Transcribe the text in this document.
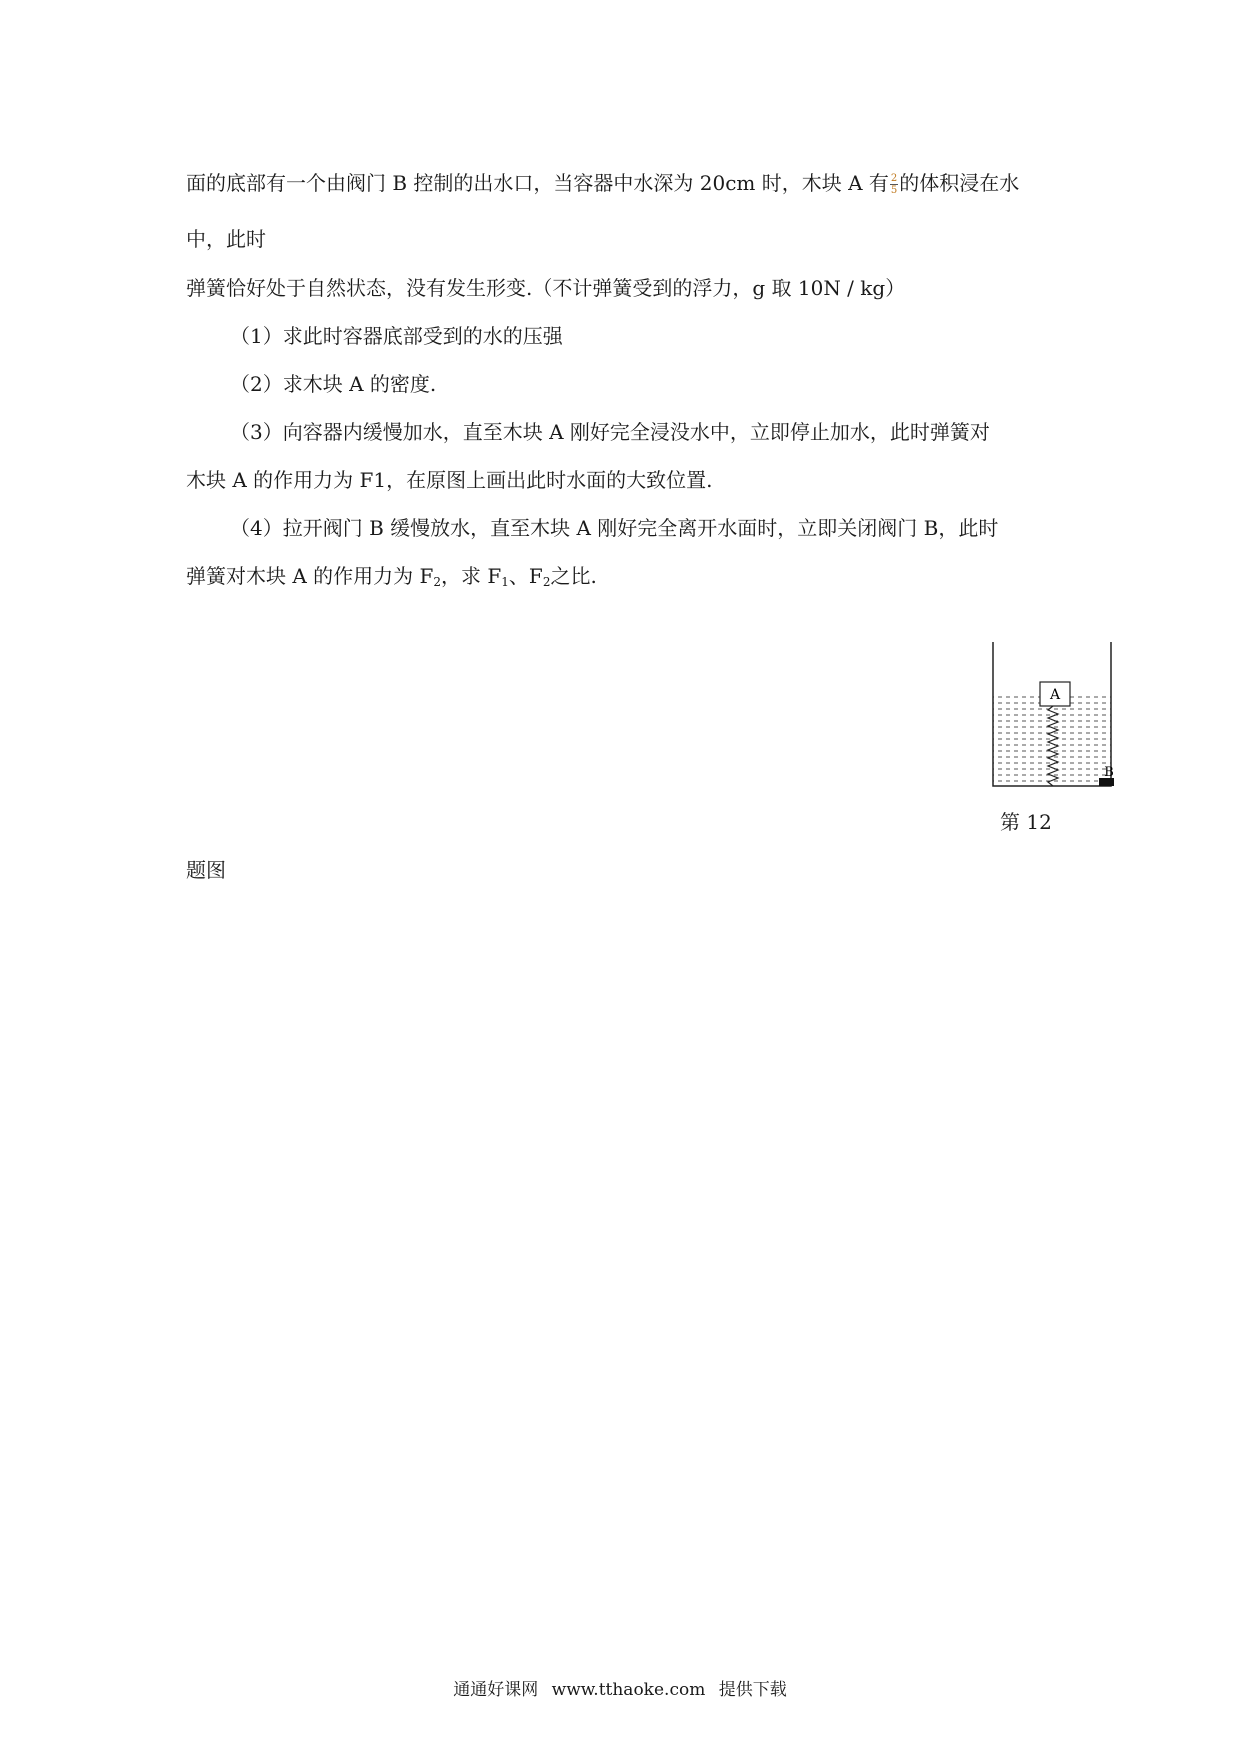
面的底部有一个由阀门 B 控制的出水口，当容器中水深为 20cm 时，木块 A 有 $\frac{2}{5}$ 的体积浸在水
中，此时
弹簧恰好处于自然状态，没有发生形变.（不计弹簧受到的浮力，g 取 10N / kg）
（1）求此时容器底部受到的水的压强
（2）求木块 A 的密度.
（3）向容器内缓慢加水，直至木块 A 刚好完全浸没水中，立即停止加水，此时弹簧对
木块 A 的作用力为 F1，在原图上画出此时水面的大致位置.
（4）拉开阀门 B 缓慢放水，直至木块 A 刚好完全离开水面时，立即关闭阀门 B，此时
弹簧对木块 A 的作用力为 $F_2$，求 $F_1$、$F_2$之比.
A
B
第 12
题图
通通好课网 www.tthaoke.com 提供下载
